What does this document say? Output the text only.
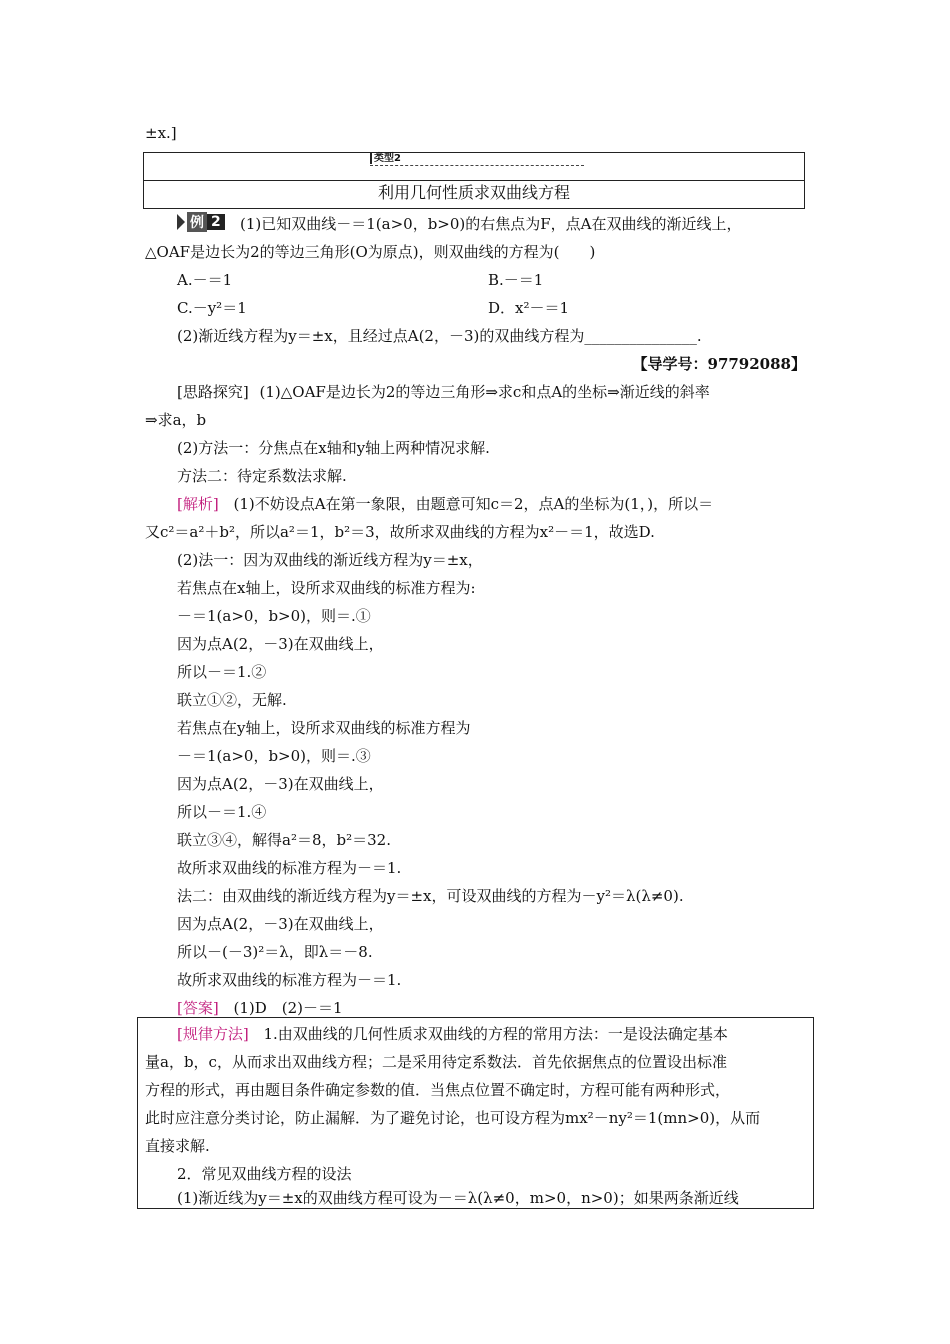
±x.]
类型2
利用几何性质求双曲线方程
例 2 (1)已知双曲线－＝1(a>0，b>0)的右焦点为F，点A在双曲线的渐近线上，
△OAF是边长为2的等边三角形(O为原点)，则双曲线的方程为(　　)
A.－＝1	B.－＝1
C.－y²＝1	D．x²－＝1
(2)渐近线方程为y＝±x，且经过点A(2，－3)的双曲线方程为_______________.
【导学号：97792088】
[思路探究] (1)△OAF是边长为2的等边三角形⇒求c和点A的坐标⇒渐近线的斜率
⇒求a，b
(2)方法一：分焦点在x轴和y轴上两种情况求解.
方法二：待定系数法求解.
[解析] (1)不妨设点A在第一象限，由题意可知c＝2，点A的坐标为(1，)，所以＝
又c²＝a²＋b²，所以a²＝1，b²＝3，故所求双曲线的方程为x²－＝1，故选D.
(2)法一：因为双曲线的渐近线方程为y＝±x，
若焦点在x轴上，设所求双曲线的标准方程为:
－＝1(a>0，b>0)，则＝.①
因为点A(2，－3)在双曲线上，
所以－＝1.②
联立①②，无解.
若焦点在y轴上，设所求双曲线的标准方程为
－＝1(a>0，b>0)，则＝.③
因为点A(2，－3)在双曲线上，
所以－＝1.④
联立③④，解得a²＝8，b²＝32.
故所求双曲线的标准方程为－＝1.
法二：由双曲线的渐近线方程为y＝±x，可设双曲线的方程为－y²＝λ(λ≠0).
因为点A(2，－3)在双曲线上，
所以－(－3)²＝λ，即λ＝－8.
故所求双曲线的标准方程为－＝1.
[答案] (1)D　(2)－＝1
[规律方法] 1.由双曲线的几何性质求双曲线的方程的常用方法：一是设法确定基本
量a，b，c，从而求出双曲线方程；二是采用待定系数法．首先依据焦点的位置设出标准
方程的形式，再由题目条件确定参数的值．当焦点位置不确定时，方程可能有两种形式，
此时应注意分类讨论，防止漏解．为了避免讨论，也可设方程为mx²－ny²＝1(mn>0)，从而
直接求解.
2．常见双曲线方程的设法
(1)渐近线为y＝±x的双曲线方程可设为－＝λ(λ≠0，m>0，n>0)；如果两条渐近线
